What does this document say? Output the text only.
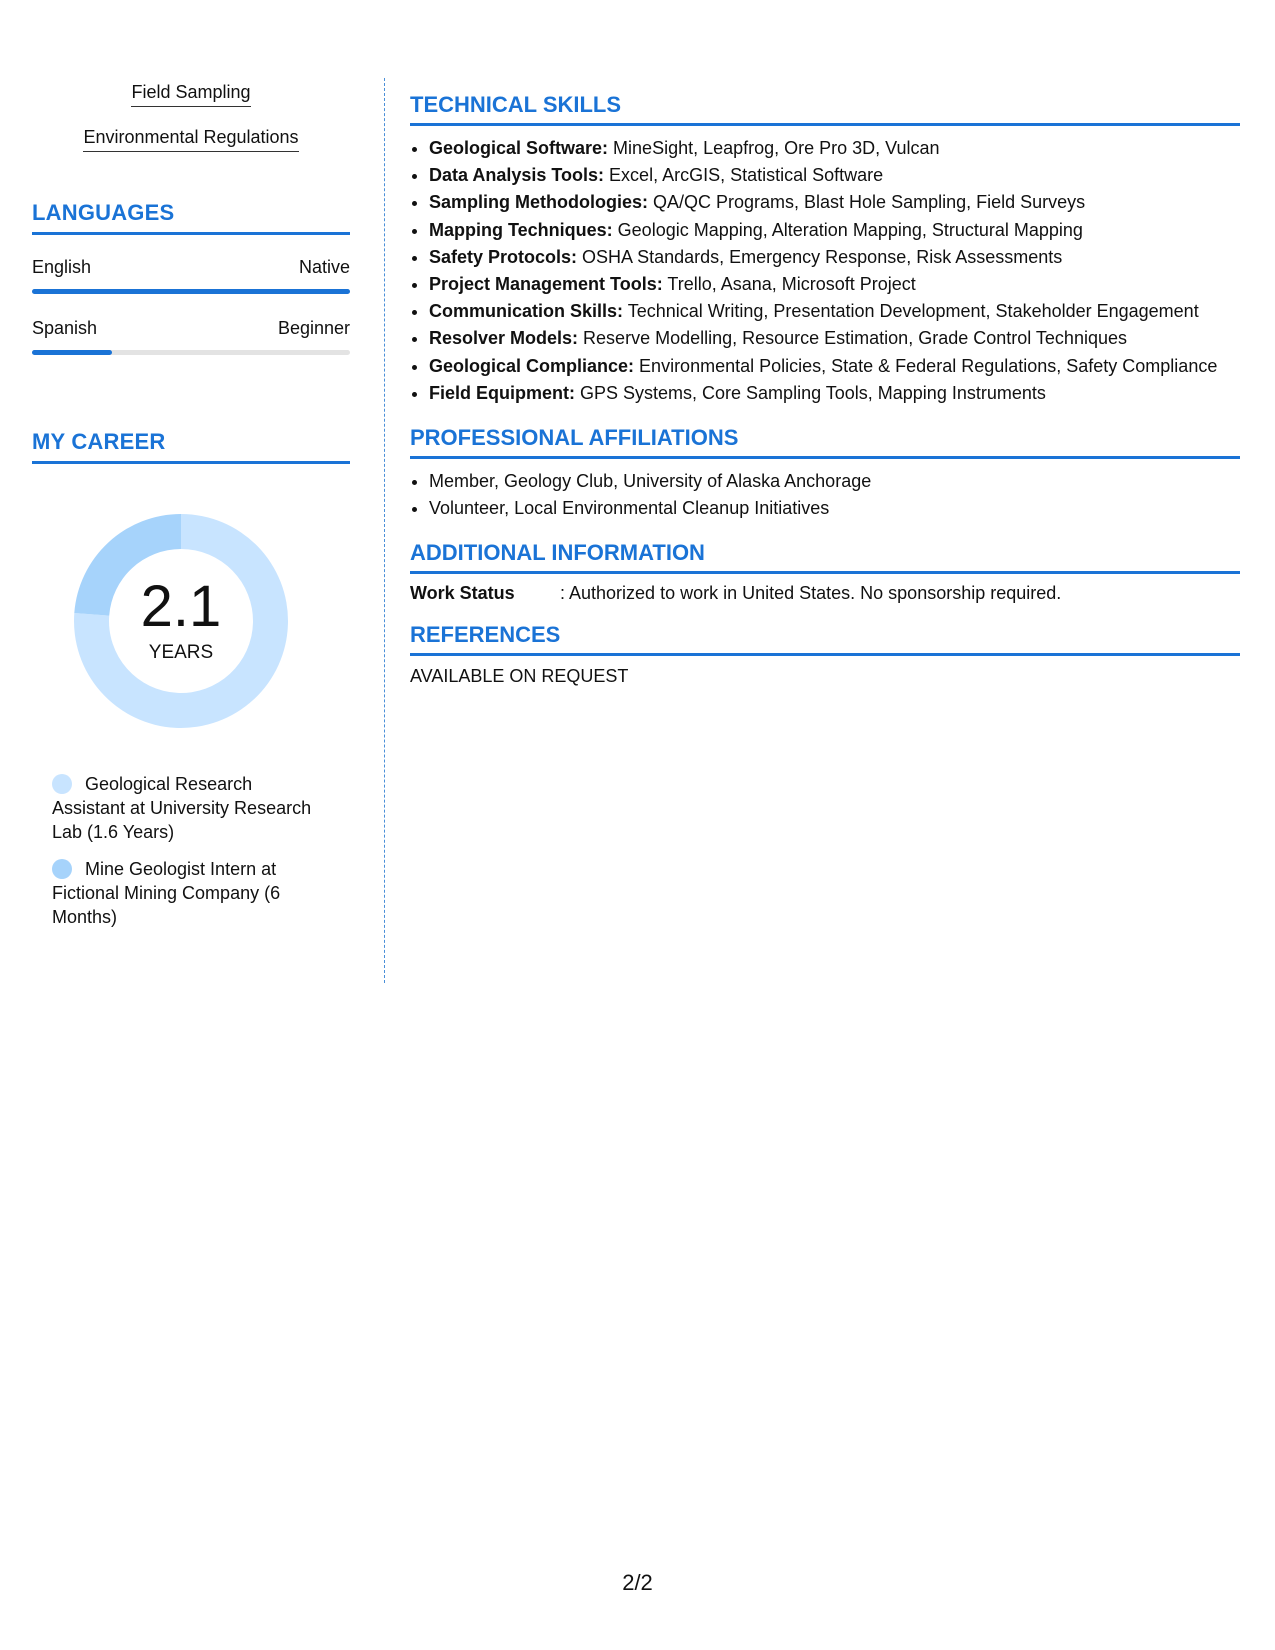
Field Sampling
Environmental Regulations
LANGUAGES
English	Native
Spanish	Beginner
MY CAREER
2.1
YEARS
Geological Research Assistant at University Research Lab (1.6 Years)
Mine Geologist Intern at Fictional Mining Company (6 Months)
TECHNICAL SKILLS
• Geological Software: MineSight, Leapfrog, Ore Pro 3D, Vulcan
• Data Analysis Tools: Excel, ArcGIS, Statistical Software
• Sampling Methodologies: QA/QC Programs, Blast Hole Sampling, Field Surveys
• Mapping Techniques: Geologic Mapping, Alteration Mapping, Structural Mapping
• Safety Protocols: OSHA Standards, Emergency Response, Risk Assessments
• Project Management Tools: Trello, Asana, Microsoft Project
• Communication Skills: Technical Writing, Presentation Development, Stakeholder Engagement
• Resolver Models: Reserve Modelling, Resource Estimation, Grade Control Techniques
• Geological Compliance: Environmental Policies, State & Federal Regulations, Safety Compliance
• Field Equipment: GPS Systems, Core Sampling Tools, Mapping Instruments
PROFESSIONAL AFFILIATIONS
• Member, Geology Club, University of Alaska Anchorage
• Volunteer, Local Environmental Cleanup Initiatives
ADDITIONAL INFORMATION
Work Status	: Authorized to work in United States. No sponsorship required.
REFERENCES
AVAILABLE ON REQUEST
2/2
